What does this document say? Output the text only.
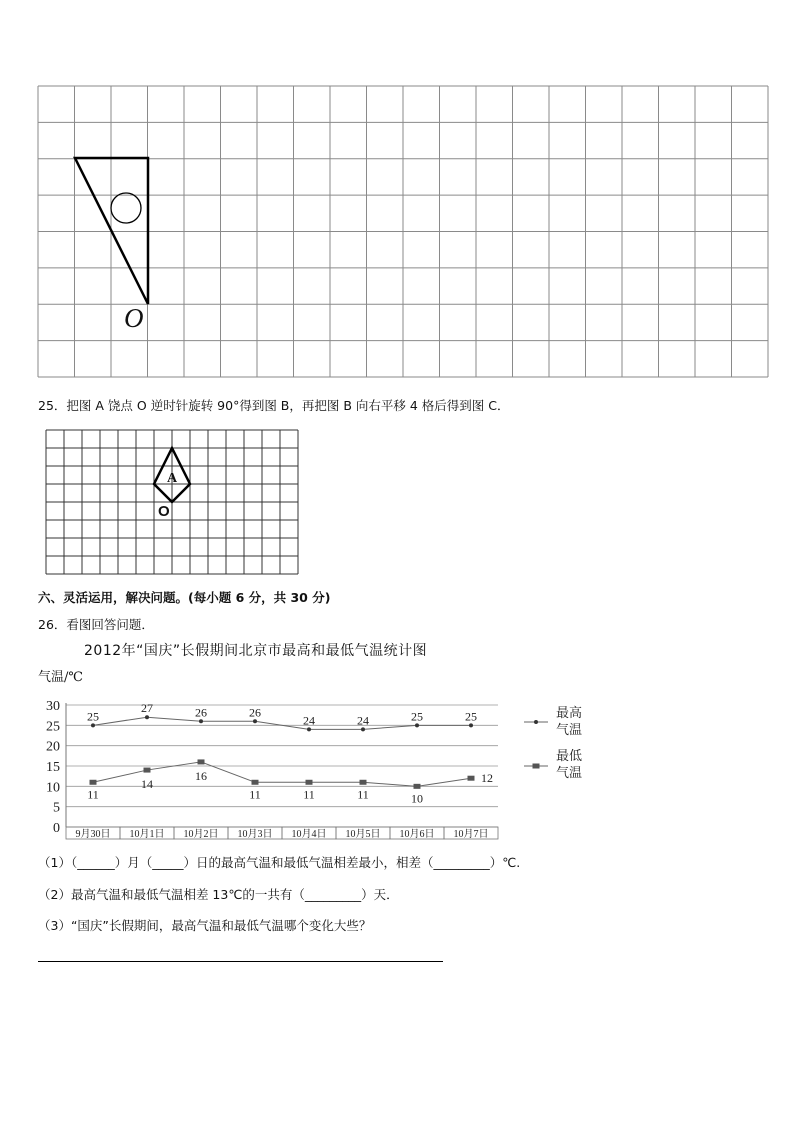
O
25．把图 A 饶点 O 逆时针旋转 90°得到图 B，再把图 B 向右平移 4 格后得到图 C．
A
O
六、灵活运用，解决问题。(每小题 6 分，共 30 分)
26．看图回答问题．
2012年“国庆”长假期间北京市最高和最低气温统计图
气温/℃
0
5
10
15
20
25
30
9月30日 10月1日 10月2日 10月3日 10月4日 10月5日 10月6日 10月7日
25
27	26	26
24	24	25	25
11
14
16
11	11	11	10
12
最高
气温
最低
气温
（1）（______）月（_____）日的最高气温和最低气温相差最小，相差（_________）℃.
（2）最高气温和最低气温相差 13℃的一共有（_________）天．
（3）“国庆”长假期间，最高气温和最低气温哪个变化大些？
